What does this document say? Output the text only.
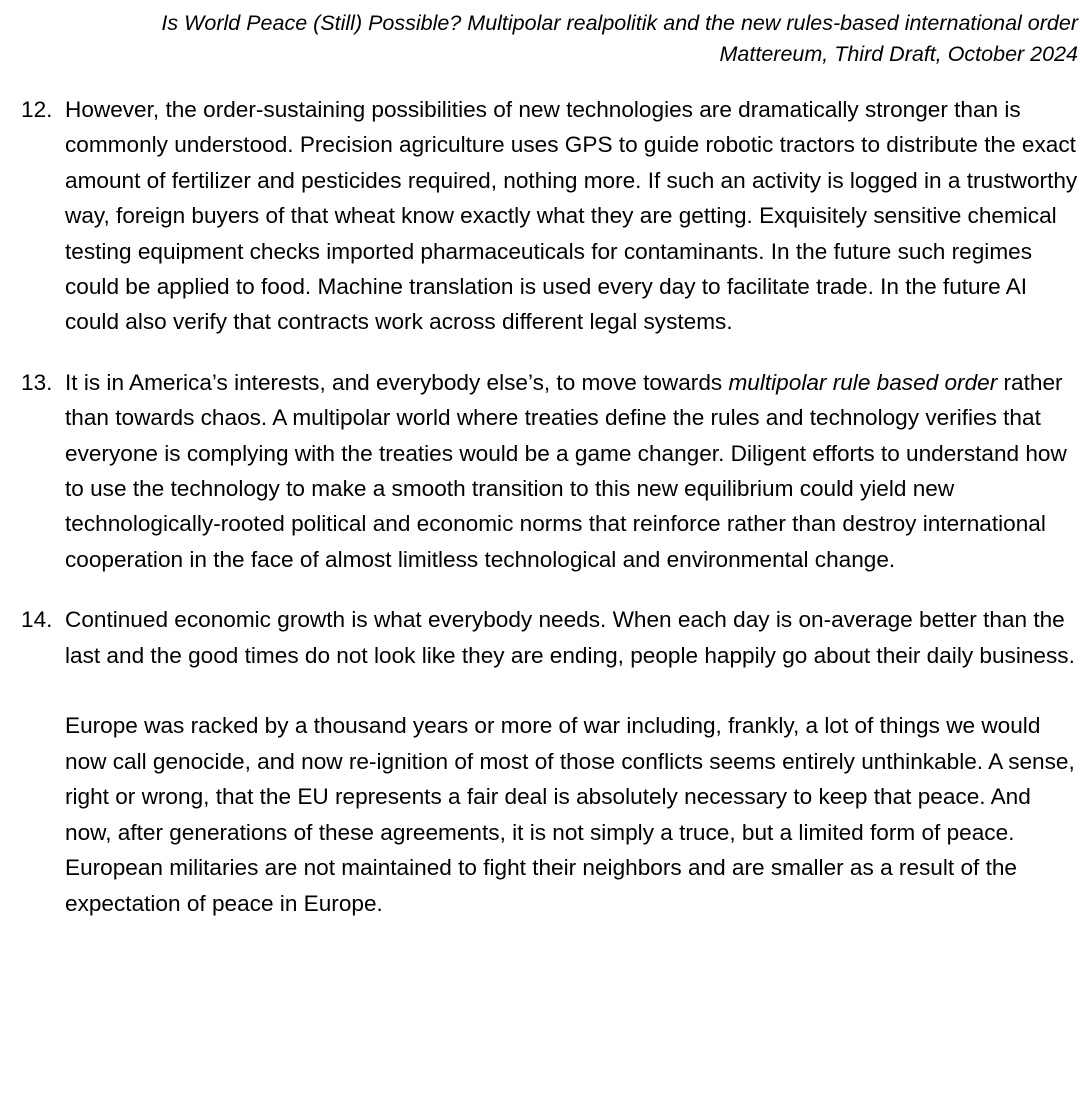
Is World Peace (Still) Possible? Multipolar realpolitik and the new rules-based international order
Mattereum, Third Draft, October 2024
12. However, the order-sustaining possibilities of new technologies are dramatically stronger than is commonly understood. Precision agriculture uses GPS to guide robotic tractors to distribute the exact amount of fertilizer and pesticides required, nothing more. If such an activity is logged in a trustworthy way, foreign buyers of that wheat know exactly what they are getting. Exquisitely sensitive chemical testing equipment checks imported pharmaceuticals for contaminants. In the future such regimes could be applied to food. Machine translation is used every day to facilitate trade. In the future AI could also verify that contracts work across different legal systems.

13. It is in America’s interests, and everybody else’s, to move towards multipolar rule based order rather than towards chaos. A multipolar world where treaties define the rules and technology verifies that everyone is complying with the treaties would be a game changer. Diligent efforts to understand how to use the technology to make a smooth transition to this new equilibrium could yield new technologically-rooted political and economic norms that reinforce rather than destroy international cooperation in the face of almost limitless technological and environmental change.

14. Continued economic growth is what everybody needs. When each day is on-average better than the last and the good times do not look like they are ending, people happily go about their daily business.

Europe was racked by a thousand years or more of war including, frankly, a lot of things we would now call genocide, and now re-ignition of most of those conflicts seems entirely unthinkable. A sense, right or wrong, that the EU represents a fair deal is absolutely necessary to keep that peace. And now, after generations of these agreements, it is not simply a truce, but a limited form of peace. European militaries are not maintained to fight their neighbors and are smaller as a result of the expectation of peace in Europe.
